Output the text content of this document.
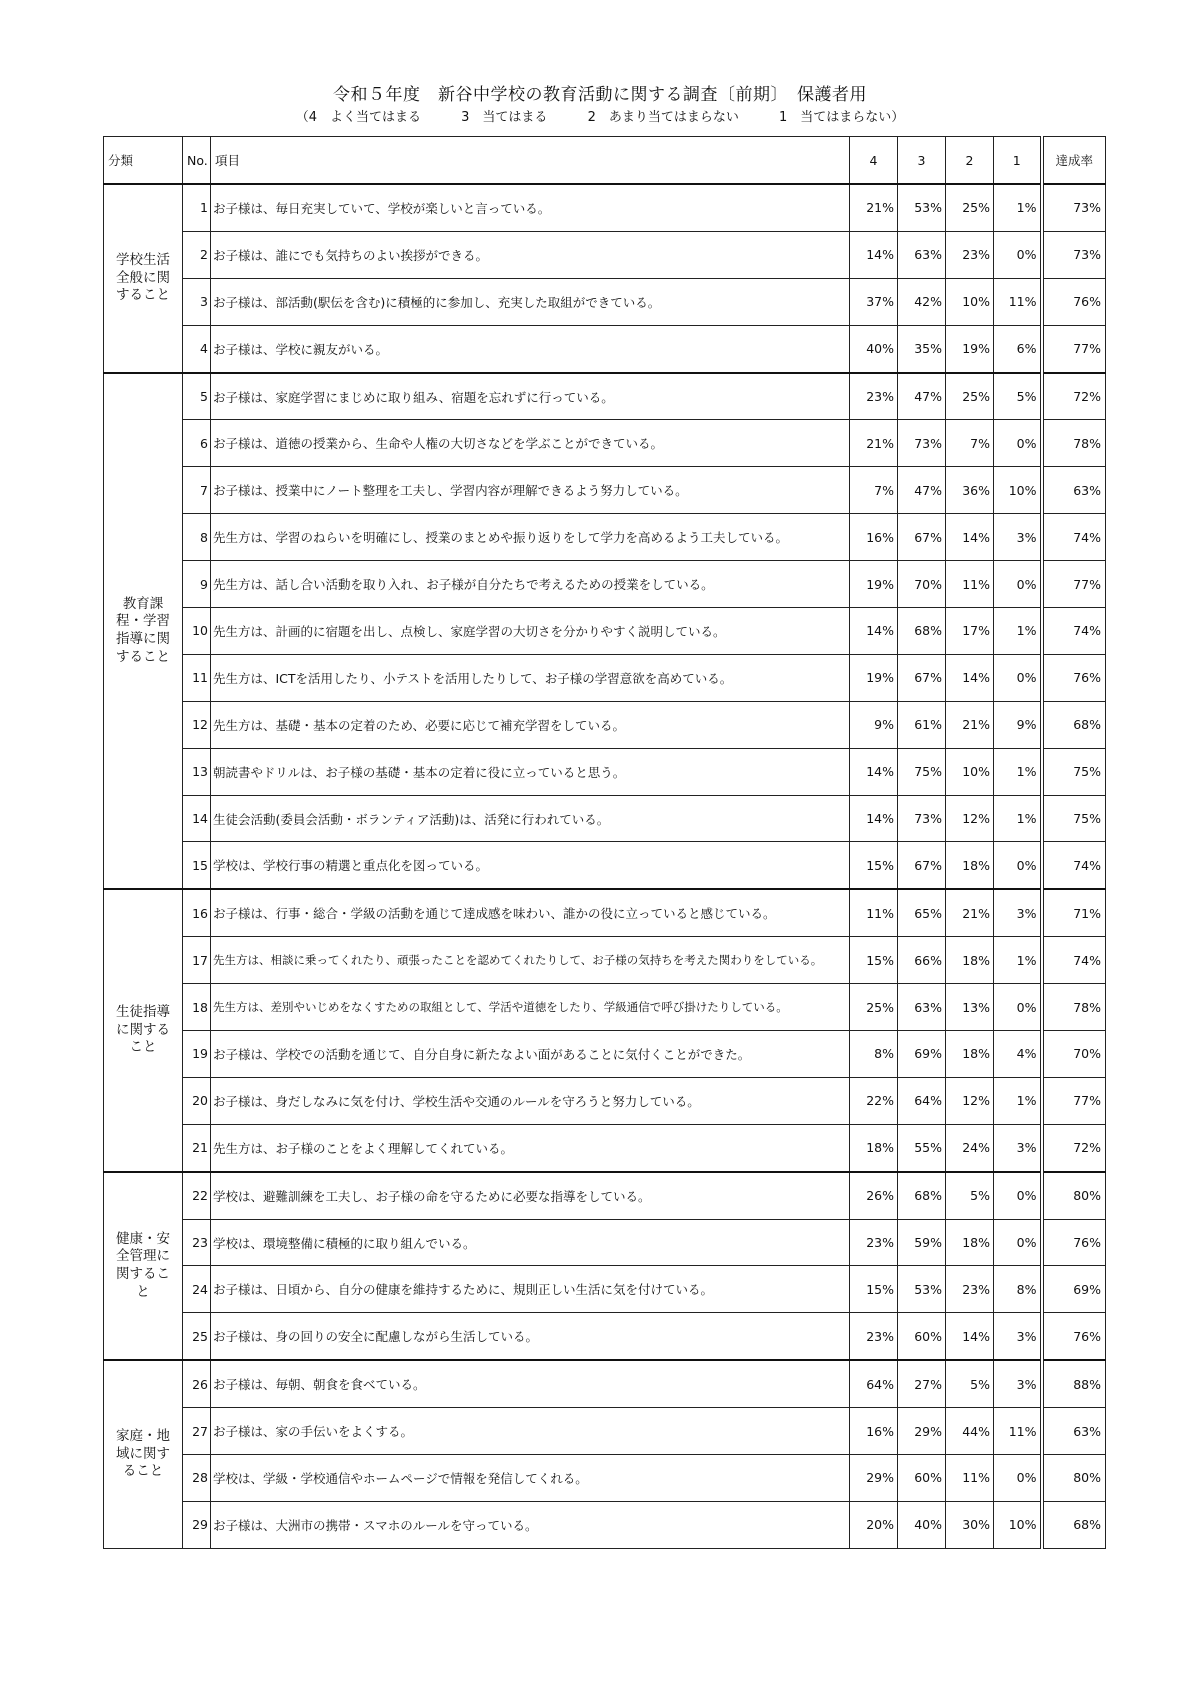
令和５年度　新谷中学校の教育活動に関する調査〔前期〕　保護者用
（4　よく当てはまる	3　当てはまる	2　あまり当てはまらない	1　当てはまらない）
分類	No.	項目	4	3	2	1	達成率
学校生活全般に関すること	1	お子様は、毎日充実していて、学校が楽しいと言っている。	21%	53%	25%	1%	73%
	2	お子様は、誰にでも気持ちのよい挨拶ができる。	14%	63%	23%	0%	73%
	3	お子様は、部活動(駅伝を含む)に積極的に参加し、充実した取組ができている。	37%	42%	10%	11%	76%
	4	お子様は、学校に親友がいる。	40%	35%	19%	6%	77%
教育課程・学習指導に関すること	5	お子様は、家庭学習にまじめに取り組み、宿題を忘れずに行っている。	23%	47%	25%	5%	72%
	6	お子様は、道徳の授業から、生命や人権の大切さなどを学ぶことができている。	21%	73%	7%	0%	78%
	7	お子様は、授業中にノート整理を工夫し、学習内容が理解できるよう努力している。	7%	47%	36%	10%	63%
	8	先生方は、学習のねらいを明確にし、授業のまとめや振り返りをして学力を高めるよう工夫している。	16%	67%	14%	3%	74%
	9	先生方は、話し合い活動を取り入れ、お子様が自分たちで考えるための授業をしている。	19%	70%	11%	0%	77%
	10	先生方は、計画的に宿題を出し、点検し、家庭学習の大切さを分かりやすく説明している。	14%	68%	17%	1%	74%
	11	先生方は、ICTを活用したり、小テストを活用したりして、お子様の学習意欲を高めている。	19%	67%	14%	0%	76%
	12	先生方は、基礎・基本の定着のため、必要に応じて補充学習をしている。	9%	61%	21%	9%	68%
	13	朝読書やドリルは、お子様の基礎・基本の定着に役に立っていると思う。	14%	75%	10%	1%	75%
	14	生徒会活動(委員会活動・ボランティア活動)は、活発に行われている。	14%	73%	12%	1%	75%
	15	学校は、学校行事の精選と重点化を図っている。	15%	67%	18%	0%	74%
生徒指導に関すること	16	お子様は、行事・総合・学級の活動を通じて達成感を味わい、誰かの役に立っていると感じている。	11%	65%	21%	3%	71%
	17	先生方は、相談に乗ってくれたり、頑張ったことを認めてくれたりして、お子様の気持ちを考えた関わりをしている。	15%	66%	18%	1%	74%
	18	先生方は、差別やいじめをなくすための取組として、学活や道徳をしたり、学級通信で呼び掛けたりしている。	25%	63%	13%	0%	78%
	19	お子様は、学校での活動を通じて、自分自身に新たなよい面があることに気付くことができた。	8%	69%	18%	4%	70%
	20	お子様は、身だしなみに気を付け、学校生活や交通のルールを守ろうと努力している。	22%	64%	12%	1%	77%
	21	先生方は、お子様のことをよく理解してくれている。	18%	55%	24%	3%	72%
健康・安全管理に関すること	22	学校は、避難訓練を工夫し、お子様の命を守るために必要な指導をしている。	26%	68%	5%	0%	80%
	23	学校は、環境整備に積極的に取り組んでいる。	23%	59%	18%	0%	76%
	24	お子様は、日頃から、自分の健康を維持するために、規則正しい生活に気を付けている。	15%	53%	23%	8%	69%
	25	お子様は、身の回りの安全に配慮しながら生活している。	23%	60%	14%	3%	76%
家庭・地域に関すること	26	お子様は、毎朝、朝食を食べている。	64%	27%	5%	3%	88%
	27	お子様は、家の手伝いをよくする。	16%	29%	44%	11%	63%
	28	学校は、学級・学校通信やホームページで情報を発信してくれる。	29%	60%	11%	0%	80%
	29	お子様は、大洲市の携帯・スマホのルールを守っている。	20%	40%	30%	10%	68%
